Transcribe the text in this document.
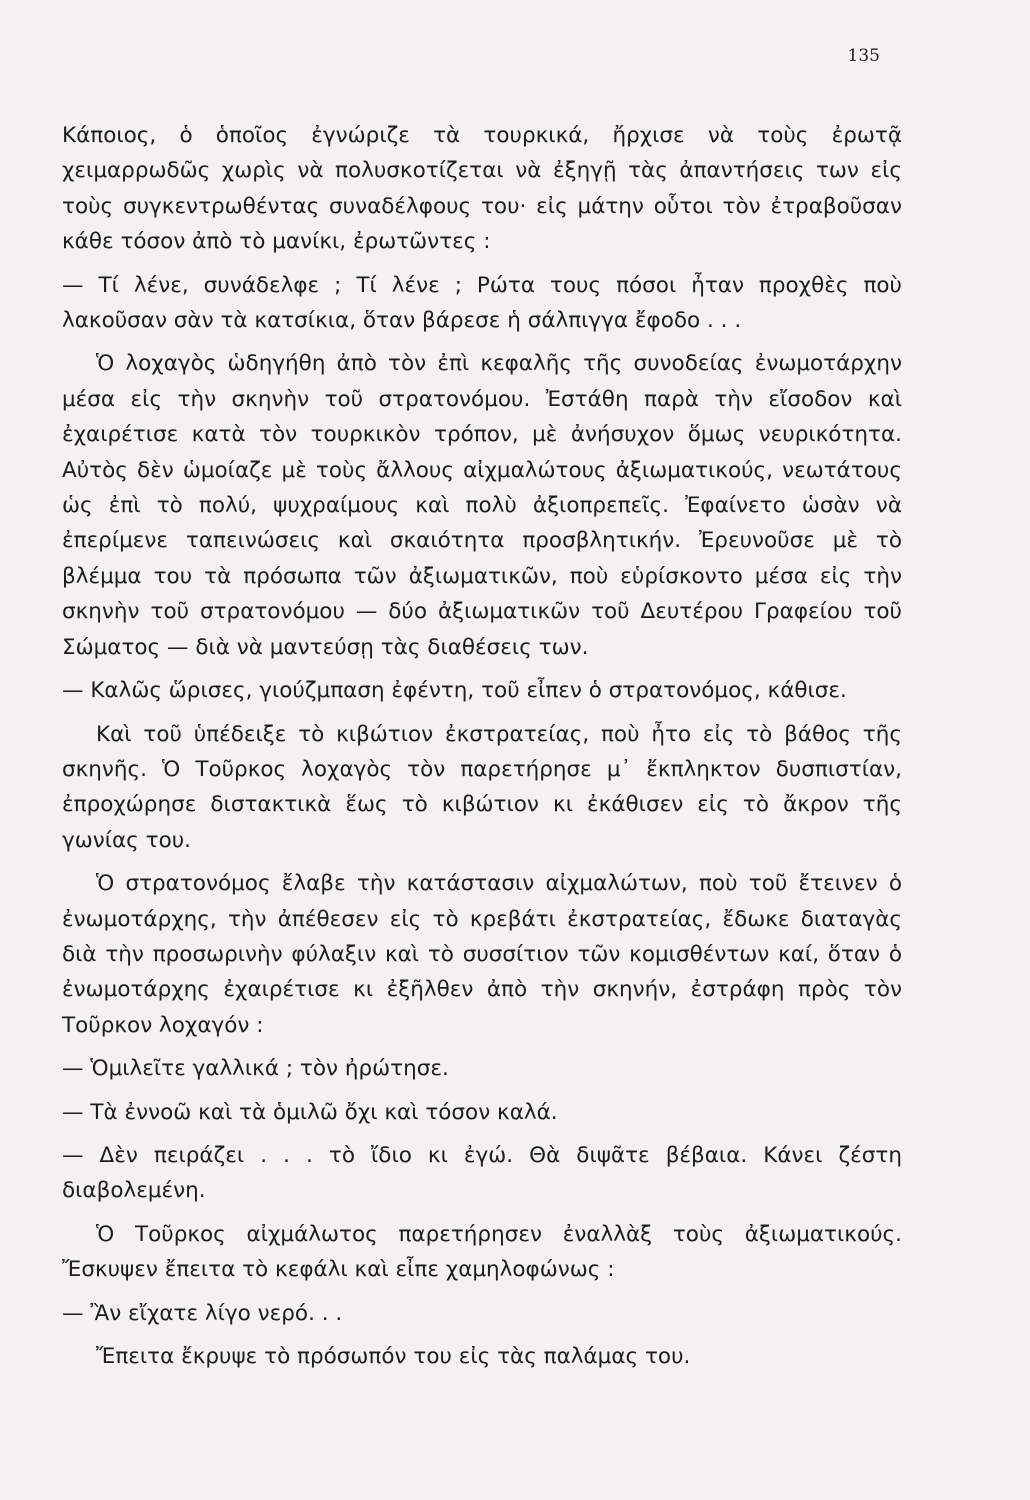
135

Κάποιος, ὁ ὁποῖος ἐγνώριζε τὰ τουρκικά, ἤρχισε νὰ τοὺς ἐρωτᾷ χειμαρρωδῶς χωρὶς νὰ πολυσκοτίζεται νὰ ἐξηγῇ τὰς ἀπαντήσεις των εἰς τοὺς συγκεντρωθέντας συναδέλφους του· εἰς μάτην οὗτοι τὸν ἐτραβοῦσαν κάθε τόσον ἀπὸ τὸ μανίκι, ἐρωτῶντες :

— Τί λένε, συνάδελφε ; Τί λένε ; Ρώτα τους πόσοι ἦταν προχθὲς ποὺ λακοῦσαν σὰν τὰ κατσίκια, ὅταν βάρεσε ἡ σάλπιγγα ἔφοδο . . .

Ὁ λοχαγὸς ὡδηγήθη ἀπὸ τὸν ἐπὶ κεφαλῆς τῆς συνοδείας ἐνωμοτάρχην μέσα εἰς τὴν σκηνὴν τοῦ στρατονόμου. Ἐστάθη παρὰ τὴν εἴσοδον καὶ ἐχαιρέτισε κατὰ τὸν τουρκικὸν τρόπον, μὲ ἀνήσυχον ὅμως νευρικότητα. Αὐτὸς δὲν ὡμοίαζε μὲ τοὺς ἄλλους αἰχμαλώτους ἀξιωματικούς, νεωτάτους ὡς ἐπὶ τὸ πολύ, ψυχραίμους καὶ πολὺ ἀξιοπρεπεῖς. Ἐφαίνετο ὡσὰν νὰ ἐπερίμενε ταπεινώσεις καὶ σκαιότητα προσβλητικήν. Ἐρευνοῦσε μὲ τὸ βλέμμα του τὰ πρόσωπα τῶν ἀξιωματικῶν, ποὺ εὑρίσκοντο μέσα εἰς τὴν σκηνὴν τοῦ στρατονόμου — δύο ἀξιωματικῶν τοῦ Δευτέρου Γραφείου τοῦ Σώματος — διὰ νὰ μαντεύσῃ τὰς διαθέσεις των.

— Καλῶς ὥρισες, γιούζμπαση ἐφέντη, τοῦ εἶπεν ὁ στρατονόμος, κάθισε.

Καὶ τοῦ ὑπέδειξε τὸ κιβώτιον ἐκστρατείας, ποὺ ἦτο εἰς τὸ βάθος τῆς σκηνῆς. Ὁ Τοῦρκος λοχαγὸς τὸν παρετήρησε μ᾽ ἔκπληκτον δυσπιστίαν, ἐπροχώρησε διστακτικὰ ἕως τὸ κιβώτιον κι ἐκάθισεν εἰς τὸ ἄκρον τῆς γωνίας του.

Ὁ στρατονόμος ἔλαβε τὴν κατάστασιν αἰχμαλώτων, ποὺ τοῦ ἔτεινεν ὁ ἐνωμοτάρχης, τὴν ἀπέθεσεν εἰς τὸ κρεβάτι ἐκστρατείας, ἔδωκε διαταγὰς διὰ τὴν προσωρινὴν φύλαξιν καὶ τὸ συσσίτιον τῶν κομισθέντων καί, ὅταν ὁ ἐνωμοτάρχης ἐχαιρέτισε κι ἐξῆλθεν ἀπὸ τὴν σκηνήν, ἐστράφη πρὸς τὸν Τοῦρκον λοχαγόν :

— Ὁμιλεῖτε γαλλικά ; τὸν ἠρώτησε.

— Τὰ ἐννοῶ καὶ τὰ ὁμιλῶ ὄχι καὶ τόσον καλά.

— Δὲν πειράζει . . . τὸ ἴδιο κι ἐγώ. Θὰ διψᾶτε βέβαια. Κάνει ζέστη διαβολεμένη.

Ὁ Τοῦρκος αἰχμάλωτος παρετήρησεν ἐναλλὰξ τοὺς ἀξιωματικούς. Ἔσκυψεν ἔπειτα τὸ κεφάλι καὶ εἶπε χαμηλοφώνως :

— Ἂν εἴχατε λίγο νερό. . .

Ἔπειτα ἔκρυψε τὸ πρόσωπόν του εἰς τὰς παλάμας του.
